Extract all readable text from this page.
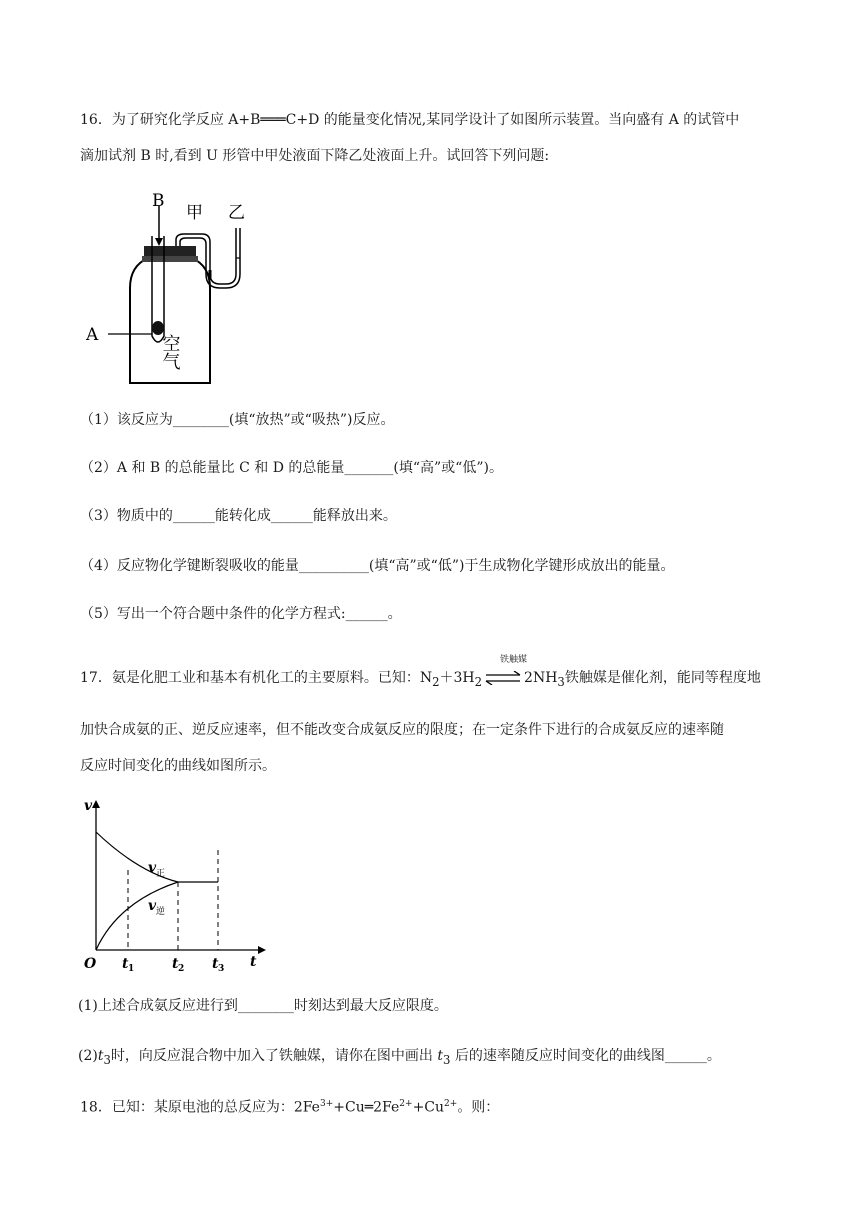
16．为了研究化学反应 A+B═══C+D 的能量变化情况,某同学设计了如图所示装置。当向盛有 A 的试管中
滴加试剂 B 时,看到 U 形管中甲处液面下降乙处液面上升。试回答下列问题:
B
甲 乙
A	空气
（1）该反应为________(填“放热”或“吸热”)反应。
（2）A 和 B 的总能量比 C 和 D 的总能量_______(填“高”或“低”)。
（3）物质中的______能转化成______能释放出来。
（4）反应物化学键断裂吸收的能量__________(填“高”或“低”)于生成物化学键形成放出的能量。
（5）写出一个符合题中条件的化学方程式:______。
铁触媒
17．氨是化肥工业和基本有机化工的主要原料。已知：$N_2+3H_2$ ⇌ $2NH_3$铁触媒是催化剂，能同等程度地
加快合成氨的正、逆反应速率，但不能改变合成氨反应的限度；在一定条件下进行的合成氨反应的速率随
反应时间变化的曲线如图所示。
v
t
O t 1	t 2 t 3
v 正
v 逆
(1)上述合成氨反应进行到________时刻达到最大反应限度。
$(2)t_3$时，向反应混合物中加入了铁触媒，请你在图中画出 $t_3$ 后的速率随反应时间变化的曲线图______。
18．已知：某原电池的总反应为：$2Fe^{3+}+Cu═2Fe^{2+}+Cu^{2+}$。则：
